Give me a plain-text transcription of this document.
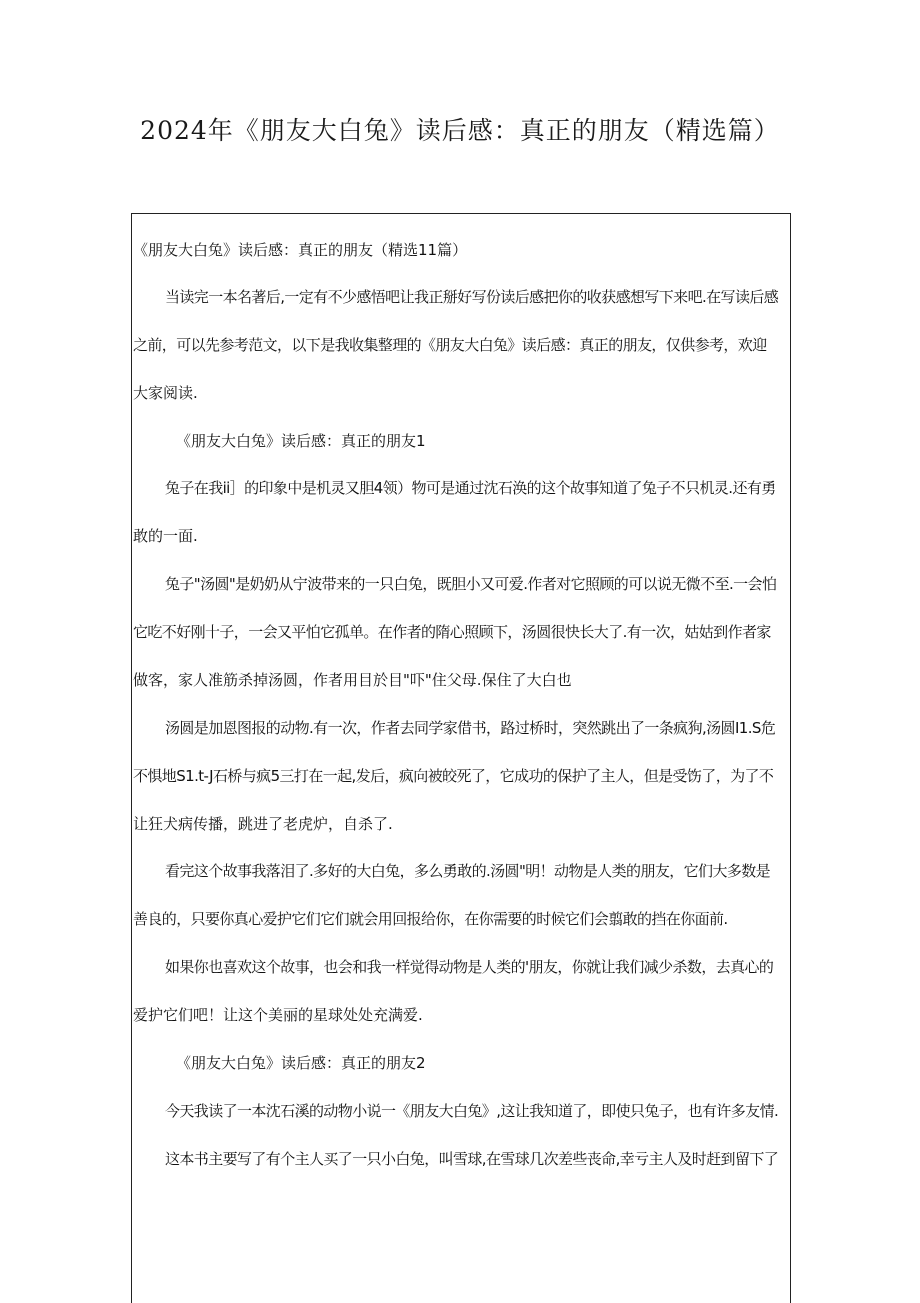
2024年《朋友大白兔》读后感：真正的朋友（精选篇）
《朋友大白兔》读后感：真正的朋友（精选11篇）
当读完一本名著后,一定有不少感悟吧让我正掰好写份读后感把你的收获感想写下来吧.在写读后感
之前，可以先参考范文，以下是我收集整理的《朋友大白兔》读后感：真正的朋友，仅供参考，欢迎
大家阅读.
《朋友大白兔》读后感：真正的朋友1
兔子在我ii］的印象中是机灵又胆4领）物可是通过沈石涣的这个故事知道了兔子不只机灵.还有勇
敢的一面.
兔子"汤圆"是奶奶从宁波带来的一只白兔，既胆小又可爱.作者对它照顾的可以说无微不至.一会怕
它吃不好刚十子，一会又平怕它孤单。在作者的隋心照顾下，汤圆很快长大了.有一次，姑姑到作者家
做客，家人准筋杀掉汤圆，作者用目於目"吓"住父母.保住了大白也
汤圆是加恩图报的动物.有一次，作者去同学家借书，路过桥时，突然跳出了一条疯狗,汤圆I1.S危
不惧地S1.t-J石桥与疯5三打在一起,发后，疯向被皎死了，它成功的保护了主人，但是受饬了，为了不
让狂犬病传播，跳进了老虎炉，自杀了.
看完这个故事我落泪了.多好的大白兔，多么勇敢的.汤圆"明！动物是人类的朋友，它们大多数是
善良的，只要你真心爱护它们它们就会用回报给你，在你需要的时候它们会翦敢的挡在你面前.
如果你也喜欢这个故事，也会和我一样觉得动物是人类的'朋友，你就让我们减少杀数，去真心的
爱护它们吧！让这个美丽的星球处处充满爱.
《朋友大白兔》读后感：真正的朋友2
今天我读了一本沈石溪的动物小说一《朋友大白兔》,这让我知道了，即使只兔子，也有许多友情.
这本书主要写了有个主人买了一只小白兔，叫雪球,在雪球几次差些丧命,幸亏主人及时赶到留下了
